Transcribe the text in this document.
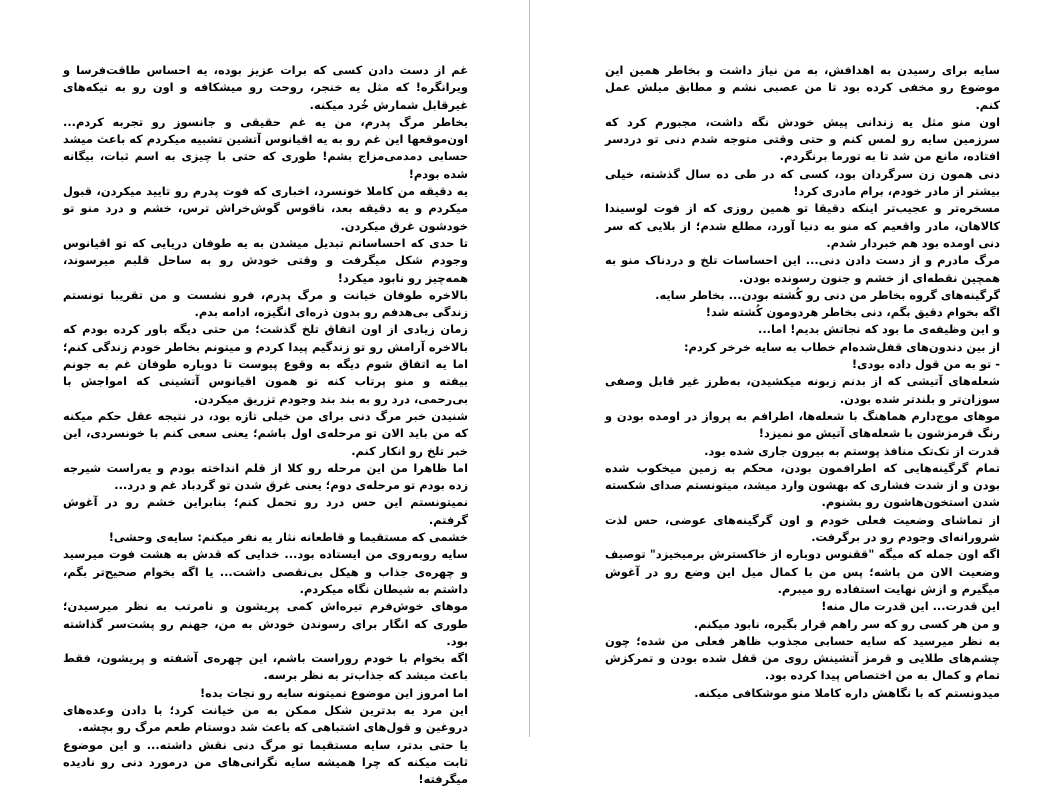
غم از دست دادن کسی که برات عزیز بوده، یه احساس طاقت‌فرسا و ویرانگره! که مثل یه خنجر، روحت رو میشکافه و اون رو به تیکه‌های غیرقابل شمارش خُرد میکنه.

بخاطر مرگ پدرم، من یه غم حقیقی و جانسوز رو تجربه کردم... اون‌موقعها این غم رو به یه اقیانوس آتشین تشبیه میکردم که باعث میشد حسابی دمدمی‌مزاج بشم! طوری که حتی با چیزی به اسم ثبات، بیگانه شده بودم!

یه دقیقه من کاملا خونسرد، اخباری که فوت پدرم رو تایید میکردن، قبول میکردم و یه دقیقه بعد، ناقوس گوش‌خراش ترس، خشم و درد منو تو خودشون غرق میکردن.

تا حدی که احساساتم تبدیل میشدن به یه طوفان دریایی که تو اقیانوس وجودم شکل میگرفت و وقتی خودش رو به ساحل قلبم میرسوند، همه‌چیز رو نابود میکرد!

بالاخره طوفان خیانت و مرگ پدرم، فرو نشست و من تقریبا تونستم زندگی بی‌هدفم رو بدون ذره‌ای انگیزه، ادامه بدم.

زمان زیادی از اون اتفاق تلخ گذشت؛ من حتی دیگه باور کرده بودم که بالاخره آرامش رو تو زندگیم پیدا کردم و میتونم بخاطر خودم زندگی کنم؛ اما یه اتفاق شوم دیگه به وقوع پیوست تا دوباره طوفان غم به جونم بیفته و منو پرتاب کنه تو همون اقیانوس آتشینی که امواجش با بی‌رحمی، درد رو به بند بند وجودم تزریق میکردن.

شنیدن خبر مرگ دنی برای من خیلی تازه بود، در نتیجه عقل حکم میکنه که من باید الان تو مرحله‌ی اول باشم؛ یعنی سعی کنم با خونسردی، این خبر تلخ رو انکار کنم.

اما ظاهرا من این مرحله رو کلا از قلم انداخته بودم و یه‌راست شیرجه زده بودم تو مرحله‌ی دوم؛ یعنی غرق شدن تو گردباد غم و درد...

نمیتونستم این حس درد رو تحمل کنم؛ بنابراین خشم رو در آغوش گرفتم.

خشمی که مستقیما و قاطعانه نثار یه نفر میکنم: سایه‌ی وحشی!

سایه روبه‌روی من ایستاده بود... خدایی که قدش به هشت فوت میرسید و چهره‌ی جذاب و هیکل بی‌نقصی داشت... یا اگه بخوام صحیح‌تر بگم، داشتم به شیطان نگاه میکردم.

موهای خوش‌فرم تیره‌اش کمی پریشون و نامرتب به نظر میرسیدن؛ طوری که انگار برای رسوندن خودش به من، جهنم رو پشت‌سر گذاشته بود.

اگه بخوام با خودم روراست باشم، این چهره‌ی آشفته و پریشون، فقط باعث میشد که جذاب‌تر به نظر برسه.

اما امروز این موضوع نمیتونه سایه رو نجات بده!

این مرد به بدترین شکل ممکن به من خیانت کرد؛ با دادن وعده‌های دروغین و قول‌های اشتباهی که باعث شد دوستام طعم مرگ رو بچشه.

یا حتی بدتر، سایه مستقیما تو مرگ دنی نقش داشته... و این موضوع ثابت میکنه که چرا همیشه سایه نگرانی‌های من درمورد دنی رو نادیده میگرفته!

سایه برای رسیدن به اهدافش، به من نیاز داشت و بخاطر همین این موضوع رو مخفی کرده بود تا من عصبی نشم و مطابق میلش عمل کنم.

اون منو مثل یه زندانی پیش خودش نگه داشت، مجبورم کرد که سرزمین سایه رو لمس کنم و حتی وقتی متوجه شدم دنی تو دردسر افتاده، مانع من شد تا به تورما برنگردم.

دنی همون زن سرگردان بود، کسی که در طی ده سال گذشته، خیلی بیشتر از مادر خودم، برام مادری کرد!

مسخره‌تر و عجیب‌تر اینکه دقیقا تو همین روزی که از فوت لوسیندا کالاهان، مادر واقعیم که منو به دنیا آورد، مطلع شدم؛ از بلایی که سر دنی اومده بود هم خبردار شدم.

مرگ مادرم و از دست دادن دنی... این احساسات تلخ و دردناک منو به همچین نقطه‌ای از خشم و جنون رسونده بودن.

گرگینه‌های گروه بخاطر من دنی رو کُشته بودن... بخاطر سایه.

اگه بخوام دقیق بگم، دنی بخاطر هردومون کُشته شد!

و این وظیفه‌ی ما بود که نجاتش بدیم! اما...

از بین دندون‌های قفل‌شده‌ام خطاب به سایه خرخر کردم:

- تو به من قول داده بودی!

شعله‌های آتیشی که از بدنم زبونه میکشیدن، بەطرز غیر قابل وصفی سوزان‌تر و بلندتر شده بودن.

موهای موج‌دارم هماهنگ با شعله‌ها، اطرافم به پرواز در اومده بودن و رنگ قرمزشون با شعله‌های آتیش مو نمیزد!

قدرت از تک‌تک منافذ پوستم به بیرون جاری شده بود.

تمام گرگینه‌هایی که اطرافمون بودن، محکم به زمین میخکوب شده بودن و از شدت فشاری که بهشون وارد میشد، میتونستم صدای شکسته شدن استخون‌هاشون رو بشنوم.

از تماشای وضعیت فعلی خودم و اون گرگینه‌های عوضی، حس لذت شرورانه‌ای وجودم رو در برگرفت.

اگه اون جمله که میگه "ققنوس دوباره از خاکسترش برمیخیزد" توصیف وضعیت الان من باشه؛ پس من با کمال میل این وضع رو در آغوش میگیرم و ازش نهایت استفاده رو میبرم.

این قدرت... این قدرت مال منه!

و من هر کسی رو که سر راهم قرار بگیره، نابود میکنم.

به نظر میرسید که سایه حسابی مجذوب ظاهر فعلی من شده؛ چون چشم‌های طلایی و قرمز آتشینش روی من قفل شده بودن و تمرکزش تمام و کمال به من اختصاص پیدا کرده بود.

میدونستم که با نگاهش داره کاملا منو موشکافی میکنه.
